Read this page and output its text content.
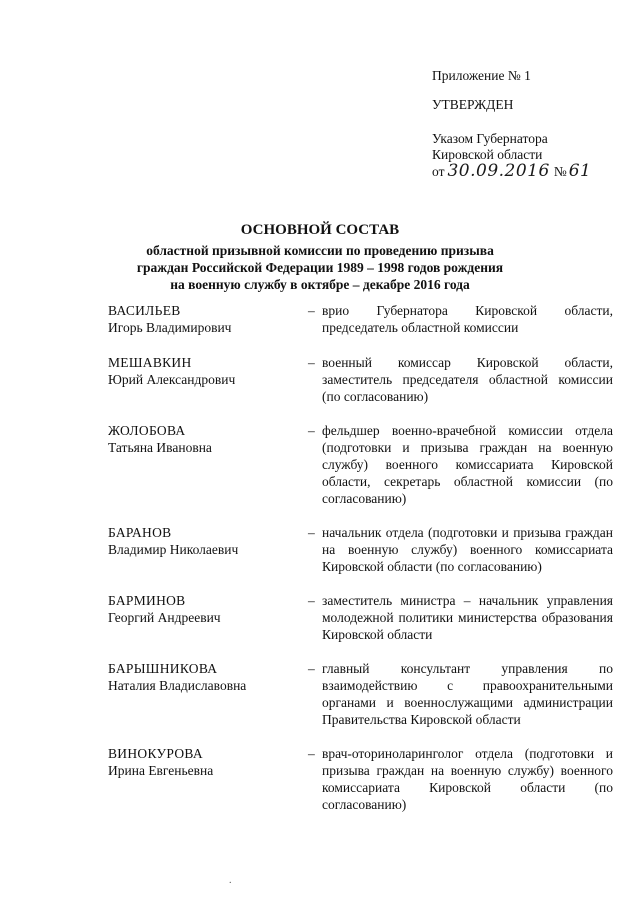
Приложение № 1
УТВЕРЖДЕН
Указом Губернатора
Кировской области
от 30.09.2016 № 61
ОСНОВНОЙ СОСТАВ
областной призывной комиссии по проведению призыва
граждан Российской Федерации 1989 – 1998 годов рождения
на военную службу в октябре – декабре 2016 года
ВАСИЛЬЕВ
Игорь Владимирович
– врио Губернатора Кировской области, председатель областной комиссии
МЕШАВКИН
Юрий Александрович
– военный комиссар Кировской области, заместитель председателя областной комиссии (по согласованию)
ЖОЛОБОВА
Татьяна Ивановна
– фельдшер военно-врачебной комиссии отдела (подготовки и призыва граждан на военную службу) военного комиссариата Кировской области, секретарь областной комиссии (по согласованию)
БАРАНОВ
Владимир Николаевич
– начальник отдела (подготовки и призыва граждан на военную службу) военного комиссариата Кировской области (по согласованию)
БАРМИНОВ
Георгий Андреевич
– заместитель министра – начальник управления молодежной политики министерства образования Кировской области
БАРЫШНИКОВА
Наталия Владиславовна
– главный консультант управления по взаимодействию с правоохранительными органами и военнослужащими администрации Правительства Кировской области
ВИНОКУРОВА
Ирина Евгеньевна
– врач-оториноларинголог отдела (подготовки и призыва граждан на военную службу) военного комиссариата Кировской области (по согласованию)
.
